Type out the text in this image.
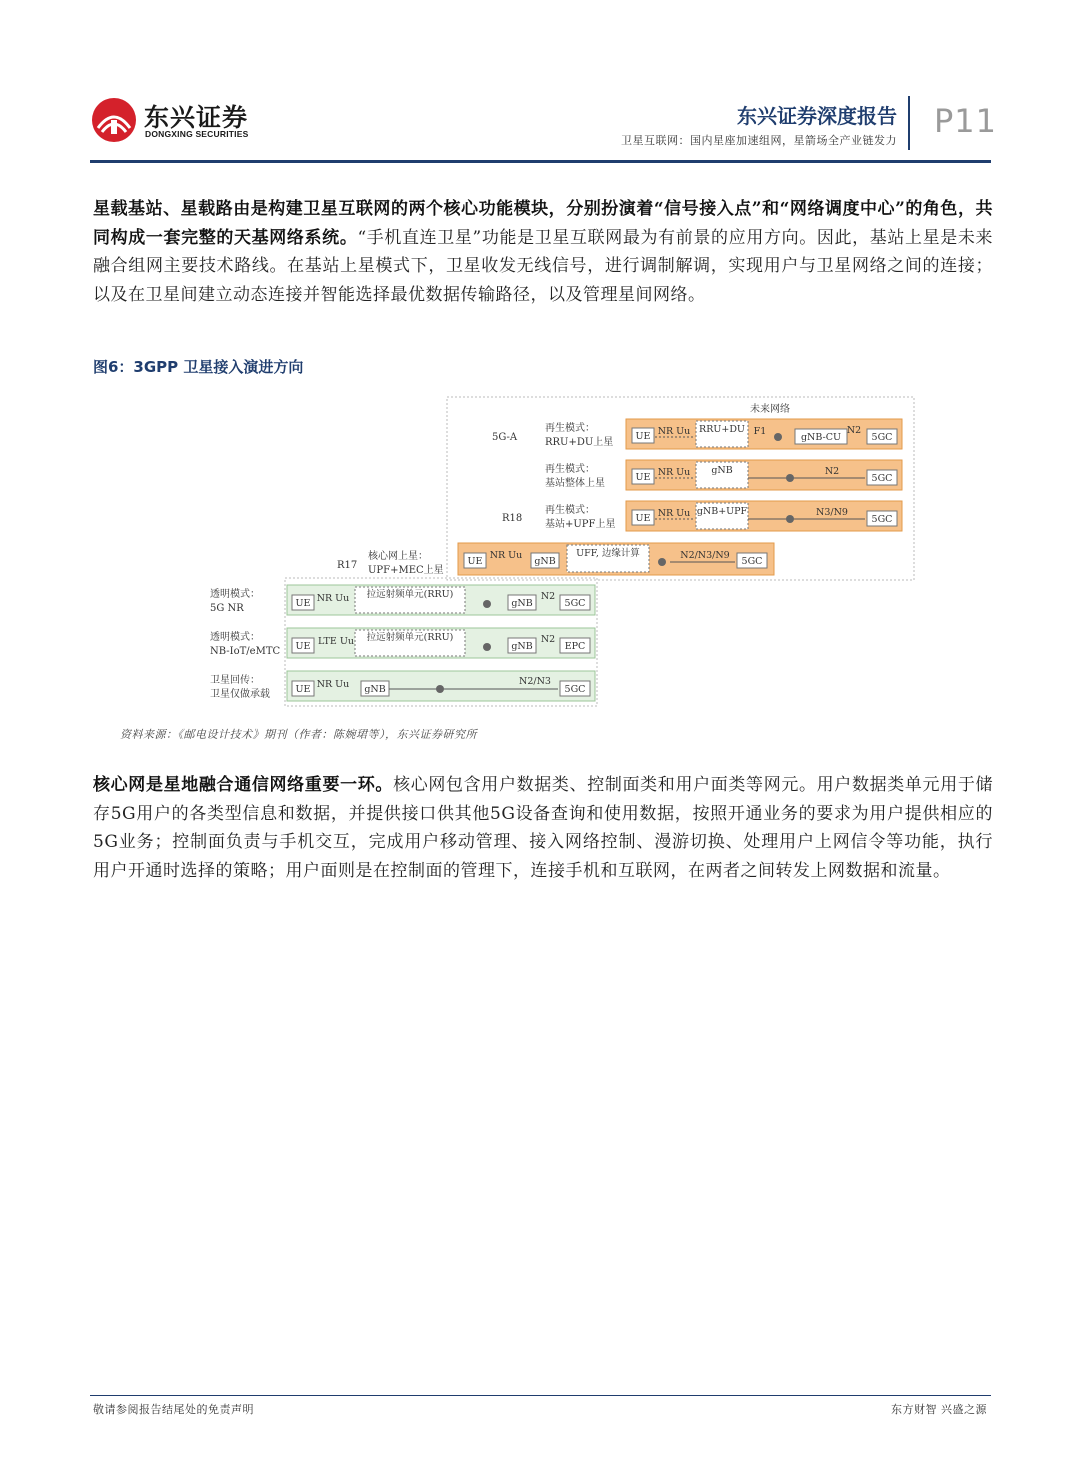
东兴证券
DONGXING SECURITIES
东兴证券深度报告
卫星互联网：国内星座加速组网，星箭场全产业链发力
P11
星载基站、星载路由是构建卫星互联网的两个核心功能模块，分别扮演着“信号接入点”和“网络调度中心”的角色，共同构成一套完整的天基网络系统。“手机直连卫星”功能是卫星互联网最为有前景的应用方向。因此，基站上星是未来融合组网主要技术路线。在基站上星模式下，卫星收发无线信号，进行调制解调，实现用户与卫星网络之间的连接；以及在卫星间建立动态连接并智能选择最优数据传输路径，以及管理星间网络。
图6：3GPP 卫星接入演进方向
未来网络
5G-A
再生模式：
RRU+DU上星
UE NR Uu RRU+DU F1
gNB-CU
N2
5GC
再生模式：
基站整体上星
UE NR Uu gNB	N2
5GC
R18
再生模式：
基站+UPF上星
UE NR Uu gNB+UPF	N3/N9
5GC
R17
核心网上星：
UPF+MEC上星
UE
NR Uu
gNB
UFF, 边缘计算	N2/N3/N9
5GC
透明模式：
5G NR	UE NR Uu 拉远射频单元(RRU)
gNB
N2
5GC
透明模式：
NB-IoT/eMTC UE LTE Uu 拉远射频单元(RRU)
gNB
N2
EPC
卫星回传：
卫星仅做承载	UE NR Uu gNB
N2/N3
5GC
资料来源：《邮电设计技术》期刊（作者：陈婉珺等），东兴证券研究所
核心网是星地融合通信网络重要一环。核心网包含用户数据类、控制面类和用户面类等网元。用户数据类单元用于储存5G用户的各类型信息和数据，并提供接口供其他5G设备查询和使用数据，按照开通业务的要求为用户提供相应的5G业务；控制面负责与手机交互，完成用户移动管理、接入网络控制、漫游切换、处理用户上网信令等功能，执行用户开通时选择的策略；用户面则是在控制面的管理下，连接手机和互联网，在两者之间转发上网数据和流量。
敬请参阅报告结尾处的免责声明	东方财智 兴盛之源
